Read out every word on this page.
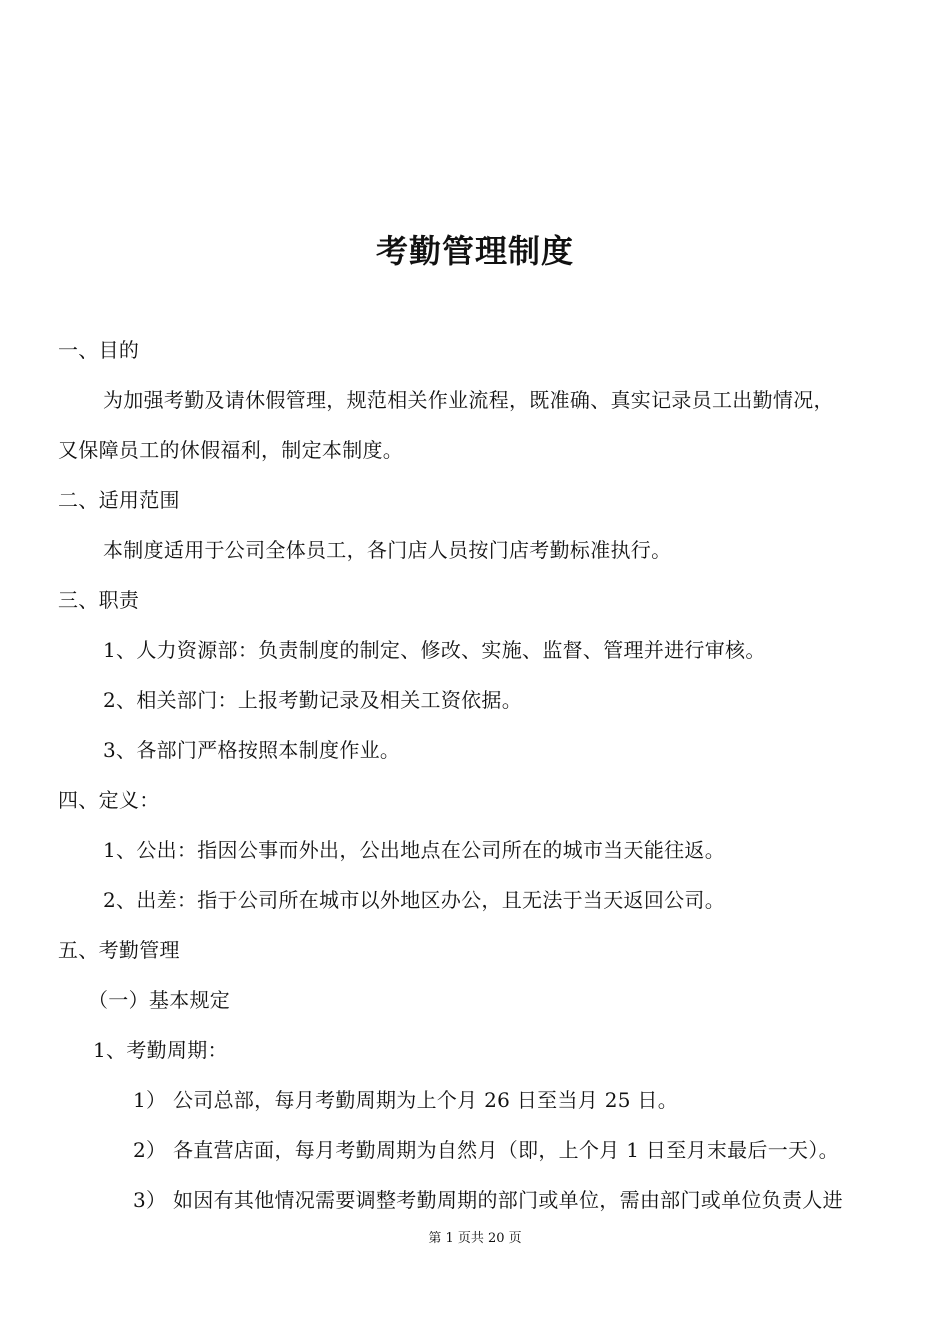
考勤管理制度
一、目的
为加强考勤及请休假管理，规范相关作业流程，既准确、真实记录员工出勤情况，
又保障员工的休假福利，制定本制度。
二、适用范围
本制度适用于公司全体员工，各门店人员按门店考勤标准执行。
三、职责
1、人力资源部：负责制度的制定、修改、实施、监督、管理并进行审核。
2、相关部门：上报考勤记录及相关工资依据。
3、各部门严格按照本制度作业。
四、定义：
1、公出：指因公事而外出，公出地点在公司所在的城市当天能往返。
2、出差：指于公司所在城市以外地区办公，且无法于当天返回公司。
五、考勤管理
（一）基本规定
1、考勤周期：
1） 公司总部，每月考勤周期为上个月 26 日至当月 25 日。
2） 各直营店面，每月考勤周期为自然月（即，上个月 1 日至月末最后一天）。
3） 如因有其他情况需要调整考勤周期的部门或单位，需由部门或单位负责人进
第 1 页共 20 页
